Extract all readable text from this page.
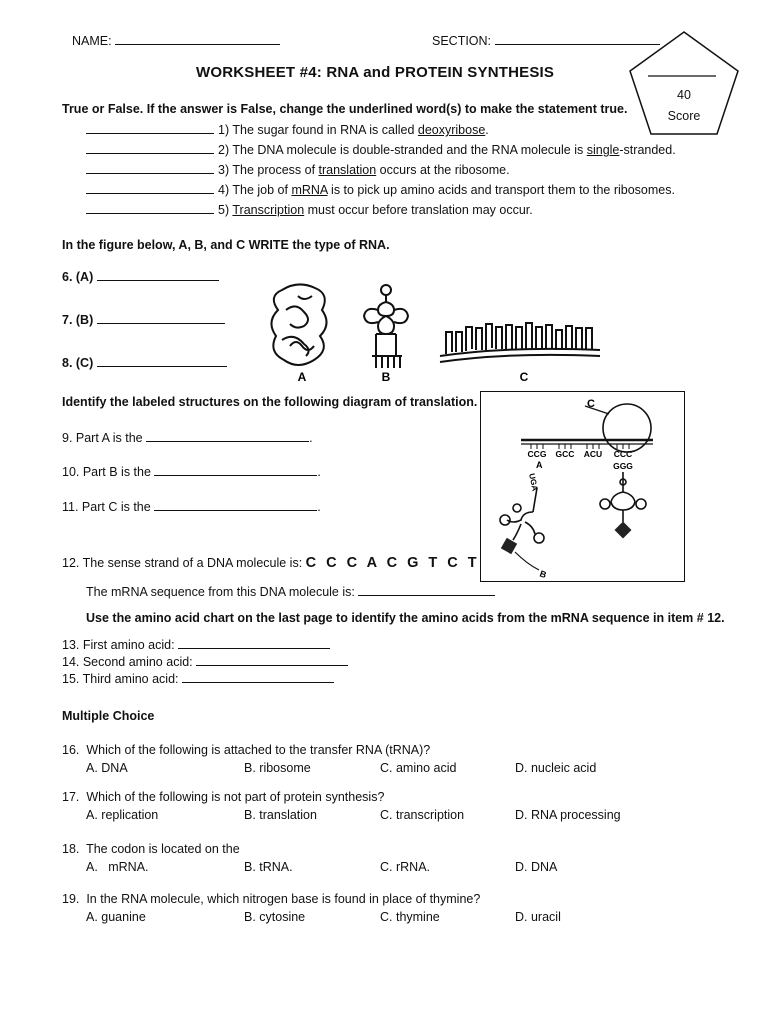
NAME:	SECTION:
WORKSHEET #4: RNA and PROTEIN SYNTHESIS
40
Score
True or False. If the answer is False, change the underlined word(s) to make the statement true.
1) The sugar found in RNA is called deoxyribose.
2) The DNA molecule is double-stranded and the RNA molecule is single-stranded.
3) The process of translation occurs at the ribosome.
4) The job of mRNA is to pick up amino acids and transport them to the ribosomes.
5) Transcription must occur before translation may occur.
In the figure below, A, B, and C WRITE the type of RNA.
6. (A)
7. (B)
8. (C)
A	B	C
Identify the labeled structures on the following diagram of translation.
9. Part A is the	.
10. Part B is the	.
11. Part C is the	.
C
CCG GCC ACU CCC
GGG
UGA
A
B
12. The sense strand of a DNA molecule is: C C C A C G T C T
The mRNA sequence from this DNA molecule is:
Use the amino acid chart on the last page to identify the amino acids from the mRNA sequence in item # 12.
13. First amino acid:
14. Second amino acid:
15. Third amino acid:
Multiple Choice
16.  Which of the following is attached to the transfer RNA (tRNA)?
A. DNA	B. ribosome	C. amino acid	D. nucleic acid
17.  Which of the following is not part of protein synthesis?
A. replication	B. translation	C. transcription	D. RNA processing
18.  The codon is located on the
A.   mRNA.	B. tRNA.	C. rRNA.	D. DNA
19.  In the RNA molecule, which nitrogen base is found in place of thymine?
A. guanine	B. cytosine	C. thymine	D. uracil
